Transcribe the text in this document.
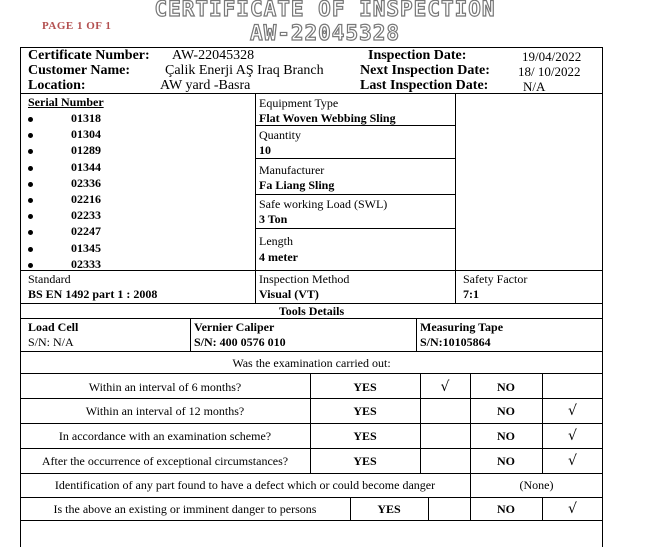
PAGE 1 OF 1
CERTIFICATE OF INSPECTION
AW-22045328
Certificate Number: AW-22045328
Customer Name:	Çalik Enerji AŞ Iraq Branch
Location:	AW yard -Basra
Inspection Date:	19/04/2022
Next Inspection Date: 18/ 10/2022
Last Inspection Date:	N/A
Serial Number
01318
01304
01289
01344
02336
02216
02233
02247
01345
02333
Equipment Type
Flat Woven Webbing Sling
Quantity
10
Manufacturer
Fa Liang Sling
Safe working Load (SWL)
3 Ton
Length
4 meter
Standard
BS EN 1492 part 1 : 2008
Inspection Method
Visual (VT)
Safety Factor
7:1
Tools Details
Load Cell
S/N: N/A
Vernier Caliper
S/N: 400 0576 010
Measuring Tape
S/N:10105864
Was the examination carried out:
Within an interval of 6 months?	YES	√	NO
Within an interval of 12 months?	YES	NO	√
In accordance with an examination scheme?	YES	NO	√
After the occurrence of exceptional circumstances?	YES	NO	√
Identification of any part found to have a defect which or could become danger	(None)
Is the above an existing or imminent danger to persons	YES	NO	√
